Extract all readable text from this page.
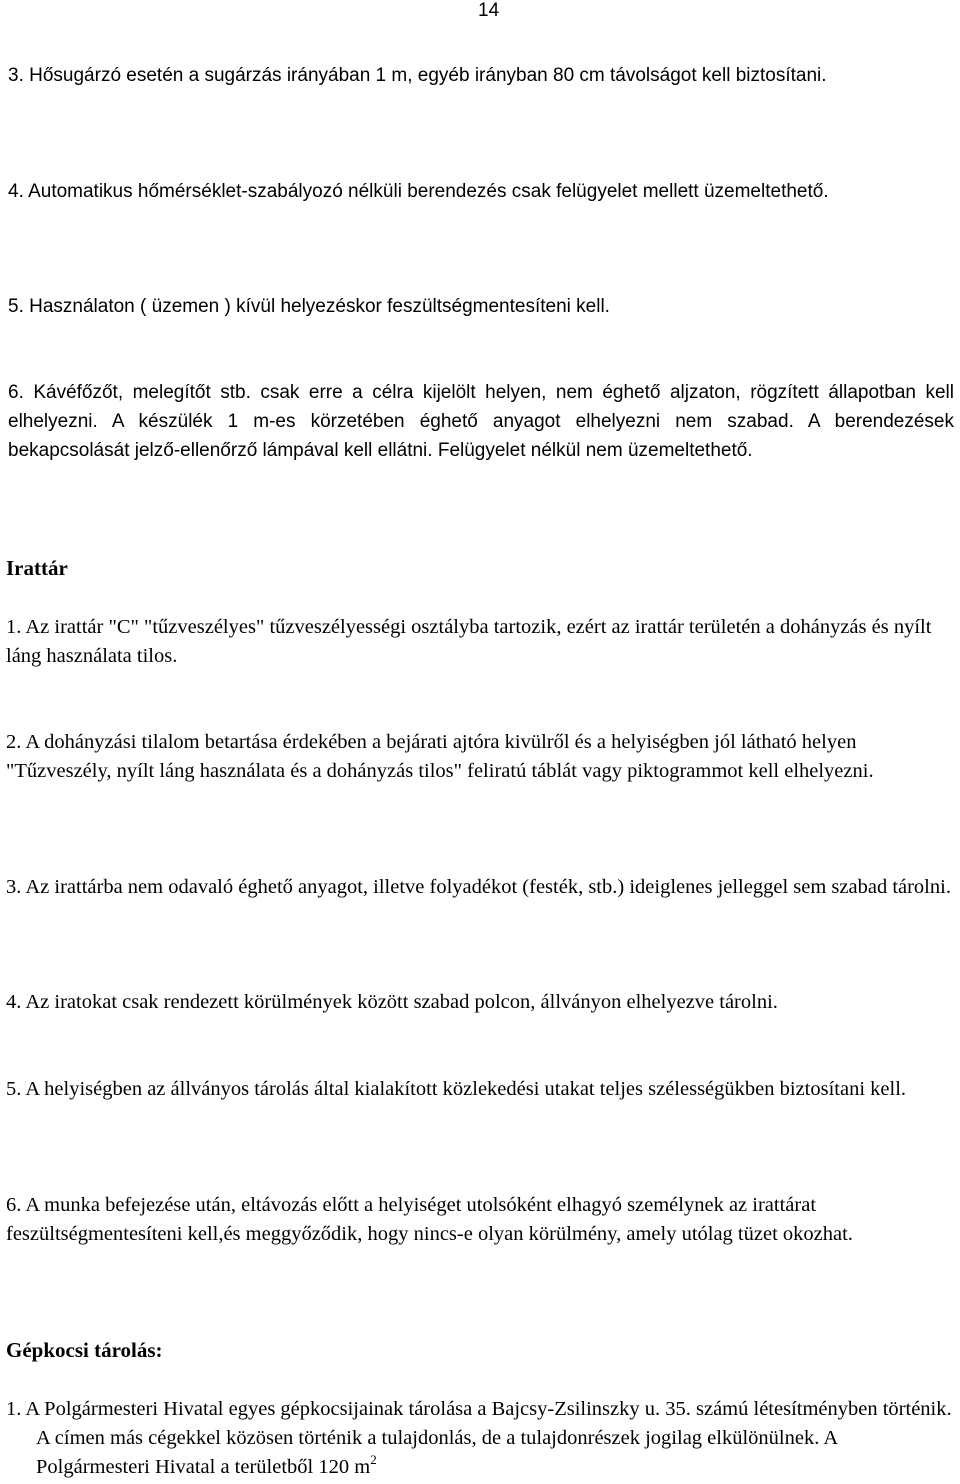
14

3. Hősugárzó esetén a sugárzás irányában 1 m, egyéb irányban 80 cm távolságot kell biztosítani.

4. Automatikus hőmérséklet-szabályozó nélküli berendezés csak felügyelet mellett üzemeltethető.

5. Használaton ( üzemen ) kívül helyezéskor feszültségmentesíteni kell.

6. Kávéfőzőt, melegítőt stb. csak erre a célra kijelölt helyen, nem éghető aljzaton, rögzített állapotban kell elhelyezni. A készülék 1 m-es körzetében éghető anyagot elhelyezni nem szabad. A berendezések bekapcsolását jelző-ellenőrző lámpával kell ellátni. Felügyelet nélkül nem üzemeltethető.

Irattár

1. Az irattár "C" "tűzveszélyes" tűzveszélyességi osztályba tartozik, ezért az irattár területén a dohányzás és nyílt láng használata tilos.

2. A dohányzási tilalom betartása érdekében a bejárati ajtóra kivülről és a helyiségben jól látható helyen "Tűzveszély, nyílt láng használata és a dohányzás tilos" feliratú táblát vagy piktogrammot kell elhelyezni.

3. Az irattárba nem odavaló éghető anyagot, illetve folyadékot (festék, stb.) ideiglenes jelleggel sem szabad tárolni.

4. Az iratokat csak rendezett körülmények között szabad polcon, állványon elhelyezve tárolni.

5. A helyiségben az állványos tárolás által kialakított közlekedési utakat teljes szélességükben biztosítani kell.

6. A munka befejezése után, eltávozás előtt a helyiséget utolsóként elhagyó személynek az irattárat feszültségmentesíteni kell,és meggyőződik, hogy nincs-e olyan körülmény, amely utólag tüzet okozhat.

Gépkocsi tárolás:

1. A Polgármesteri Hivatal egyes gépkocsijainak tárolása a Bajcsy-Zsilinszky u. 35. számú létesítményben történik. A címen más cégekkel közösen történik a tulajdonlás, de a tulajdonrészek jogilag elkülönülnek. A Polgármesteri Hivatal a területből 120 $m^2$
